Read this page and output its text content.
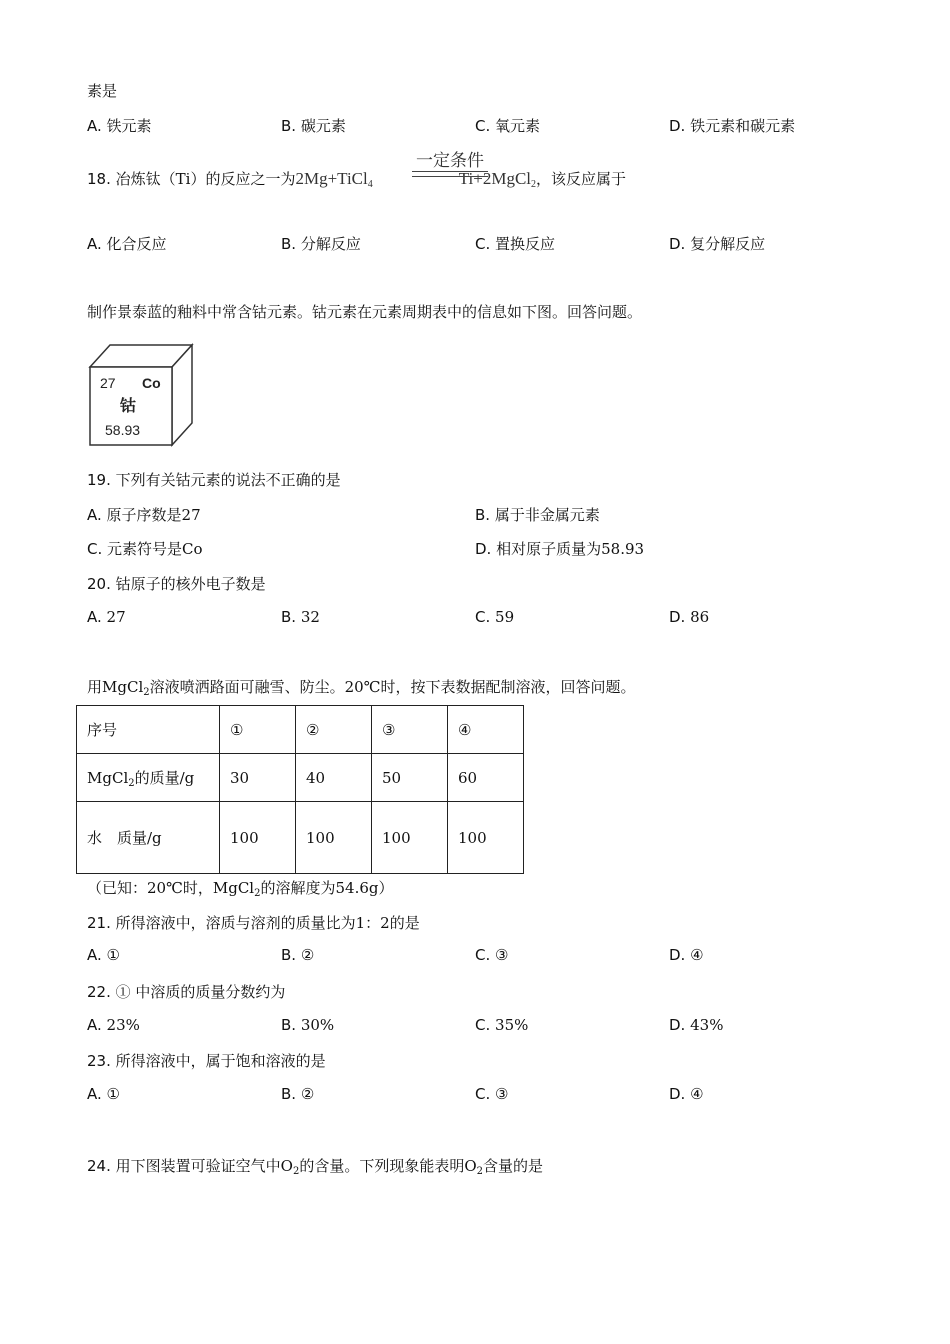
素是
A. 铁元素	B. 碳元素	C. 氧元素	D. 铁元素和碳元素
18. 冶炼钛（Ti）的反应之一为2Mg+TiCl$_4$	Ti+2MgCl$_2$，该反应属于
一定条件
A. 化合反应	B. 分解反应	C. 置换反应	D. 复分解反应
制作景泰蓝的釉料中常含钴元素。钴元素在元素周期表中的信息如下图。回答问题。
27 Co
钴
58.93
19. 下列有关钴元素的说法不正确的是
A. 原子序数是27	B. 属于非金属元素
C. 元素符号是Co	D. 相对原子质量为58.93
20. 钴原子的核外电子数是
A. 27	B. 32	C. 59	D. 86
用MgCl$_2$溶液喷洒路面可融雪、防尘。20℃时，按下表数据配制溶液，回答问题。
序号	①	②	③	④
MgCl$_2$的质量/g	30	40	50	60
水　质量/g	100	100	100	100
（已知：20℃时，MgCl$_2$的溶解度为54.6g）
21. 所得溶液中，溶质与溶剂的质量比为1：2的是
A. ①	B. ②	C. ③	D. ④
22. ① 中溶质的质量分数约为
A. 23%	B. 30%	C. 35%	D. 43%
23. 所得溶液中，属于饱和溶液的是
A. ①	B. ②	C. ③	D. ④
24. 用下图装置可验证空气中$O_2$的含量。下列现象能表明$O_2$含量的是
